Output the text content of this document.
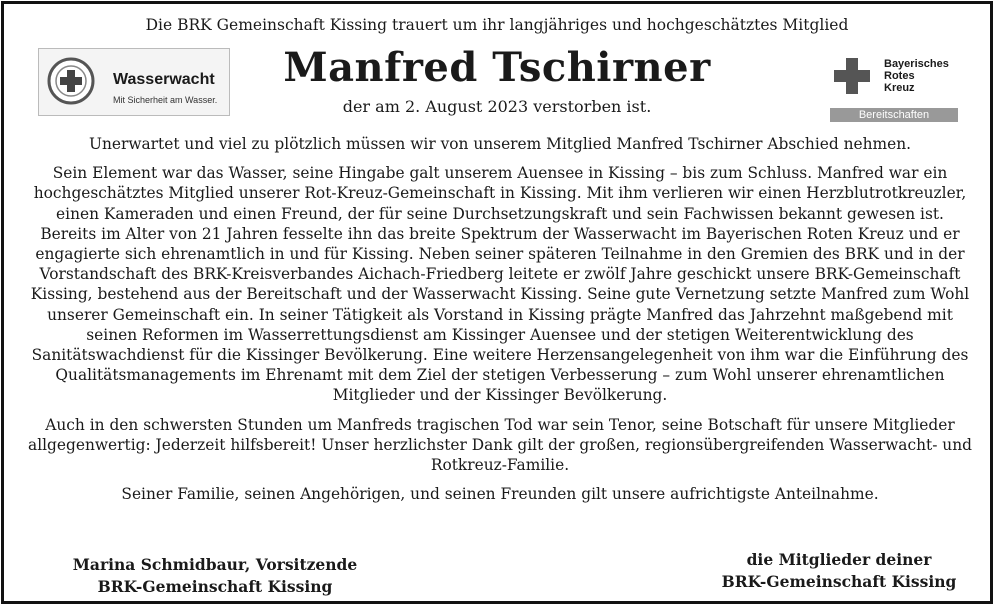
Wasserwacht
Mit Sicherheit am Wasser.
Die BRK Gemeinschaft Kissing trauert um ihr langjähriges und hochgeschätztes Mitglied
Manfred Tschirner
der am 2. August 2023 verstorben ist.
Bayerisches
Rotes
Kreuz
Bereitschaften

Unerwartet und viel zu plötzlich müssen wir von unserem Mitglied Manfred Tschirner Abschied nehmen.

Sein Element war das Wasser, seine Hingabe galt unserem Auensee in Kissing – bis zum Schluss. Manfred war ein hochgeschätztes Mitglied unserer Rot-Kreuz-Gemeinschaft in Kissing. Mit ihm verlieren wir einen Herzblutrotkreuzler, einen Kameraden und einen Freund, der für seine Durchsetzungskraft und sein Fachwissen bekannt gewesen ist. Bereits im Alter von 21 Jahren fesselte ihn das breite Spektrum der Wasserwacht im Bayerischen Roten Kreuz und er engagierte sich ehrenamtlich in und für Kissing. Neben seiner späteren Teilnahme in den Gremien des BRK und in der Vorstandschaft des BRK-Kreisverbandes Aichach-Friedberg leitete er zwölf Jahre geschickt unsere BRK-Gemeinschaft Kissing, bestehend aus der Bereitschaft und der Wasserwacht Kissing. Seine gute Vernetzung setzte Manfred zum Wohl unserer Gemeinschaft ein. In seiner Tätigkeit als Vorstand in Kissing prägte Manfred das Jahrzehnt maßgebend mit seinen Reformen im Wasserrettungsdienst am Kissinger Auensee und der stetigen Weiterentwicklung des Sanitätswachdienst für die Kissinger Bevölkerung. Eine weitere Herzensangelegenheit von ihm war die Einführung des Qualitätsmanagements im Ehrenamt mit dem Ziel der stetigen Verbesserung – zum Wohl unserer ehrenamtlichen Mitglieder und der Kissinger Bevölkerung.

Auch in den schwersten Stunden um Manfreds tragischen Tod war sein Tenor, seine Botschaft für unsere Mitglieder allgegenwertig: Jederzeit hilfsbereit! Unser herzlichster Dank gilt der großen, regionsübergreifenden Wasserwacht- und Rotkreuz-Familie.

Seiner Familie, seinen Angehörigen, und seinen Freunden gilt unsere aufrichtigste Anteilnahme.

Marina Schmidbaur, Vorsitzende
BRK-Gemeinschaft Kissing
die Mitglieder deiner
BRK-Gemeinschaft Kissing
